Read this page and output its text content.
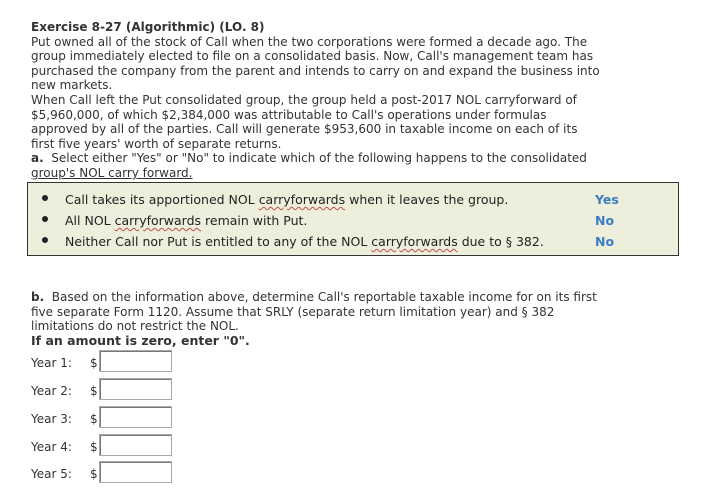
Exercise 8-27 (Algorithmic) (LO. 8)

Put owned all of the stock of Call when the two corporations were formed a decade ago. The

group immediately elected to file on a consolidated basis. Now, Call's management team has

purchased the company from the parent and intends to carry on and expand the business into

new markets.

When Call left the Put consolidated group, the group held a post-2017 NOL carryforward of

$5,960,000, of which $2,384,000 was attributable to Call's operations under formulas

approved by all of the parties. Call will generate $953,600 in taxable income on each of its

first five years' worth of separate returns.

a. Select either "Yes" or "No" to indicate which of the following happens to the consolidated

group's NOL carry forward.

Call takes its apportioned NOL carryforwards when it leaves the group.	Yes
All NOL carryforwards remain with Put.	No
Neither Call nor Put is entitled to any of the NOL carryforwards due to § 382.	No

b. Based on the information above, determine Call's reportable taxable income for on its first

five separate Form 1120. Assume that SRLY (separate return limitation year) and § 382

limitations do not restrict the NOL.

If an amount is zero, enter "0".

Year 1: $
Year 2: $
Year 3: $
Year 4: $
Year 5: $
